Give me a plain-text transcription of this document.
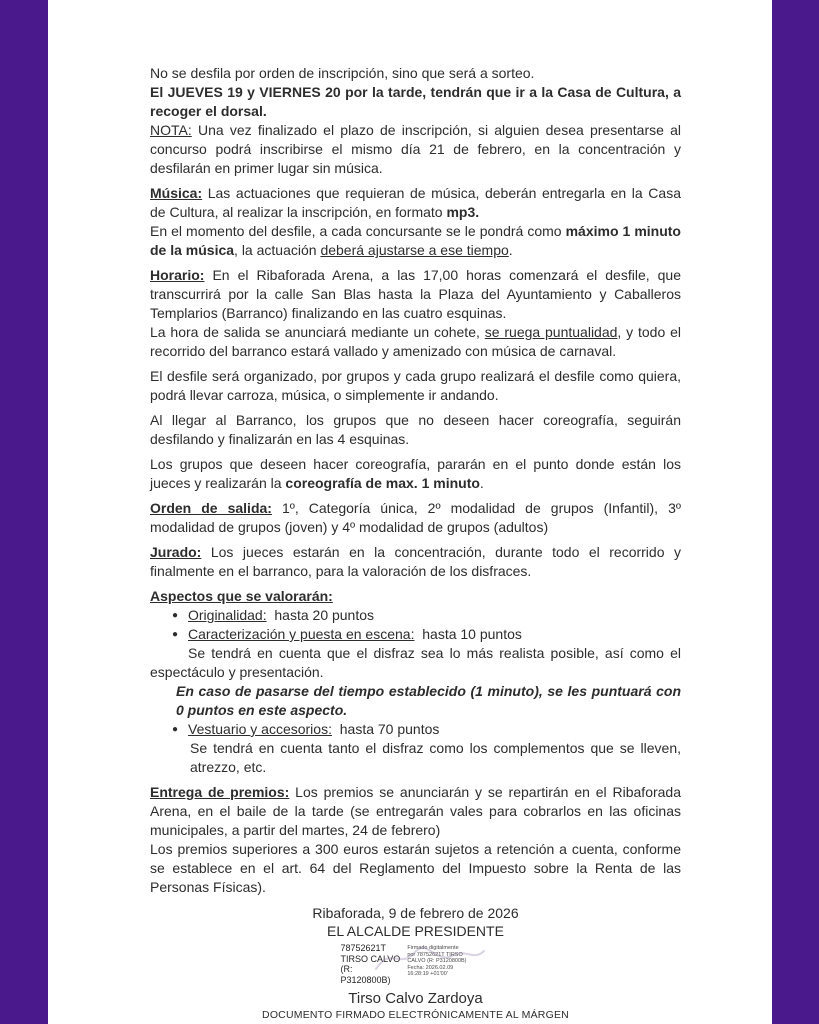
No se desfila por orden de inscripción, sino que será a sorteo.
El JUEVES 19 y VIERNES 20 por la tarde, tendrán que ir a la Casa de Cultura, a recoger el dorsal.
NOTA: Una vez finalizado el plazo de inscripción, si alguien desea presentarse al concurso podrá inscribirse el mismo día 21 de febrero, en la concentración y desfilarán en primer lugar sin música.
Música: Las actuaciones que requieran de música, deberán entregarla en la Casa de Cultura, al realizar la inscripción, en formato mp3.
En el momento del desfile, a cada concursante se le pondrá como máximo 1 minuto de la música, la actuación deberá ajustarse a ese tiempo.
Horario: En el Ribaforada Arena, a las 17,00 horas comenzará el desfile, que transcurrirá por la calle San Blas hasta la Plaza del Ayuntamiento y Caballeros Templarios (Barranco) finalizando en las cuatro esquinas.
La hora de salida se anunciará mediante un cohete, se ruega puntualidad, y todo el recorrido del barranco estará vallado y amenizado con música de carnaval.
El desfile será organizado, por grupos y cada grupo realizará el desfile como quiera, podrá llevar carroza, música, o simplemente ir andando.
Al llegar al Barranco, los grupos que no deseen hacer coreografía, seguirán desfilando y finalizarán en las 4 esquinas.
Los grupos que deseen hacer coreografía, pararán en el punto donde están los jueces y realizarán la coreografía de max. 1 minuto.
Orden de salida: 1º, Categoría única, 2º modalidad de grupos (Infantil), 3º modalidad de grupos (joven) y 4º modalidad de grupos (adultos)
Jurado: Los jueces estarán en la concentración, durante todo el recorrido y finalmente en el barranco, para la valoración de los disfraces.
Aspectos que se valorarán:
● Originalidad:  hasta 20 puntos
● Caracterización y puesta en escena:  hasta 10 puntos
Se tendrá en cuenta que el disfraz sea lo más realista posible, así como el espectáculo y presentación.
En caso de pasarse del tiempo establecido (1 minuto), se les puntuará con 0 puntos en este aspecto.
● Vestuario y accesorios:  hasta 70 puntos
Se tendrá en cuenta tanto el disfraz como los complementos que se lleven, atrezzo, etc.
Entrega de premios: Los premios se anunciarán y se repartirán en el Ribaforada Arena, en el baile de la tarde (se entregarán vales para cobrarlos en las oficinas municipales, a partir del martes, 24 de febrero)
Los premios superiores a 300 euros estarán sujetos a retención a cuenta, conforme se establece en el art. 64 del Reglamento del Impuesto sobre la Renta de las Personas Físicas).
Ribaforada, 9 de febrero de 2026
EL ALCALDE PRESIDENTE
78752621T
TIRSO CALVO
(R:
P3120800B)
Firmado digitalmente
por 78752621T TIRSO
CALVO (R: P3120800B)
Fecha: 2026.02.09
16:28:19 +01'00'
Tirso Calvo Zardoya
DOCUMENTO FIRMADO ELECTRÓNICAMENTE AL MÁRGEN
